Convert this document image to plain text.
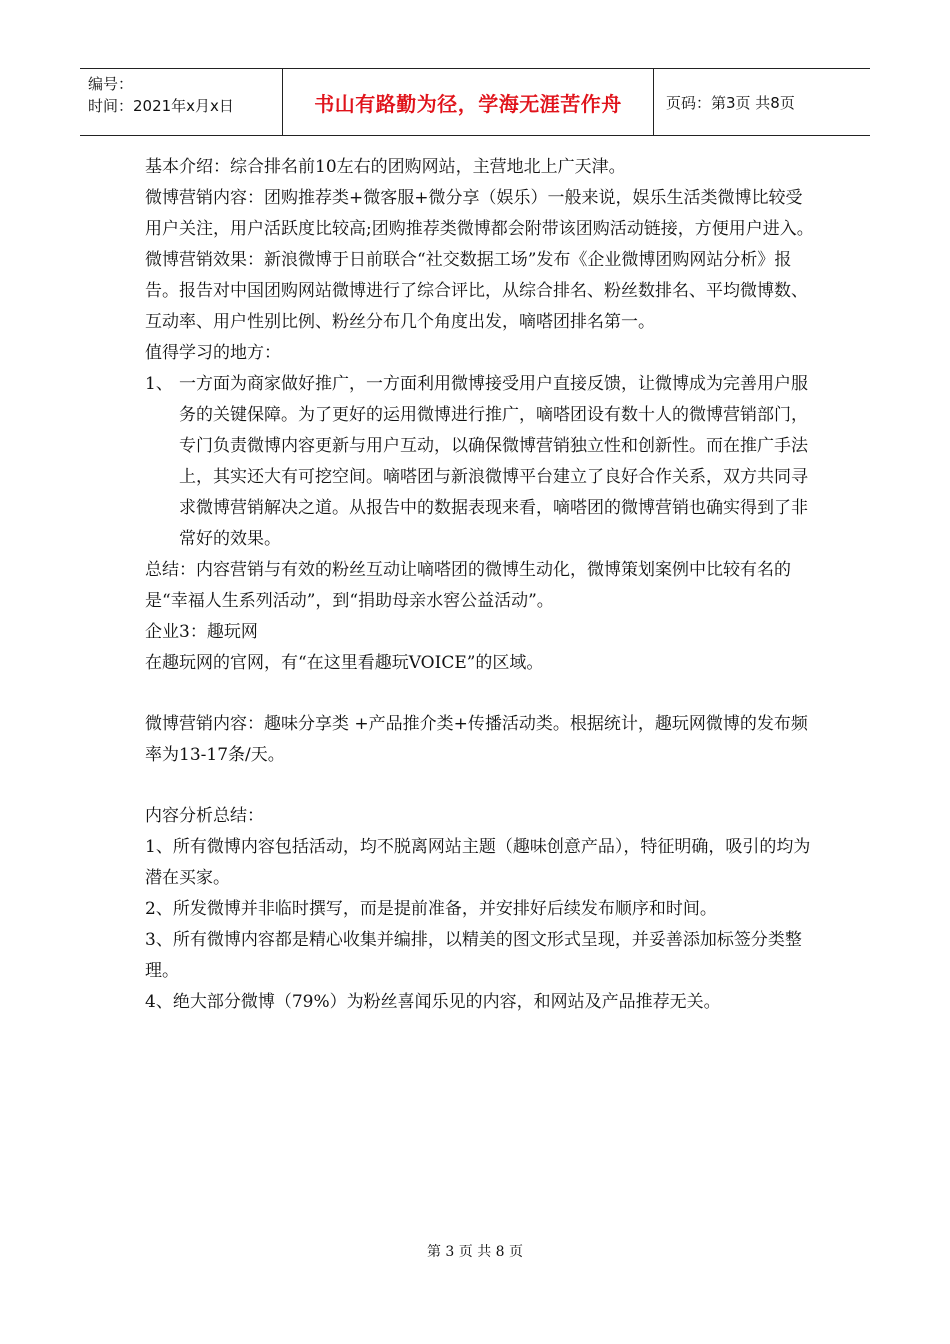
编号：
时间：2021年x月x日	书山有路勤为径，学海无涯苦作舟	页码：第3页 共8页

基本介绍：综合排名前10左右的团购网站，主营地北上广天津。

微博营销内容：团购推荐类+微客服+微分享（娱乐）一般来说，娱乐生活类微博比较受用户关注，用户活跃度比较高;团购推荐类微博都会附带该团购活动链接，方便用户进入。

微博营销效果：新浪微博于日前联合“社交数据工场”发布《企业微博团购网站分析》报告。报告对中国团购网站微博进行了综合评比，从综合排名、粉丝数排名、平均微博数、互动率、用户性别比例、粉丝分布几个角度出发，嘀嗒团排名第一。

值得学习的地方：

1、 一方面为商家做好推广，一方面利用微博接受用户直接反馈，让微博成为完善用户服务的关键保障。为了更好的运用微博进行推广，嘀嗒团设有数十人的微博营销部门，专门负责微博内容更新与用户互动，以确保微博营销独立性和创新性。而在推广手法上，其实还大有可挖空间。嘀嗒团与新浪微博平台建立了良好合作关系，双方共同寻求微博营销解决之道。从报告中的数据表现来看，嘀嗒团的微博营销也确实得到了非常好的效果。

总结：内容营销与有效的粉丝互动让嘀嗒团的微博生动化，微博策划案例中比较有名的是“幸福人生系列活动”，到“捐助母亲水窖公益活动”。

企业3：趣玩网

在趣玩网的官网，有“在这里看趣玩VOICE”的区域。

微博营销内容：趣味分享类 +产品推介类+传播活动类。根据统计，趣玩网微博的发布频率为13-17条/天。

内容分析总结：

1、所有微博内容包括活动，均不脱离网站主题（趣味创意产品），特征明确，吸引的均为潜在买家。

2、所发微博并非临时撰写，而是提前准备，并安排好后续发布顺序和时间。

3、所有微博内容都是精心收集并编排，以精美的图文形式呈现，并妥善添加标签分类整理。

4、绝大部分微博（79%）为粉丝喜闻乐见的内容，和网站及产品推荐无关。

第 3 页 共 8 页
